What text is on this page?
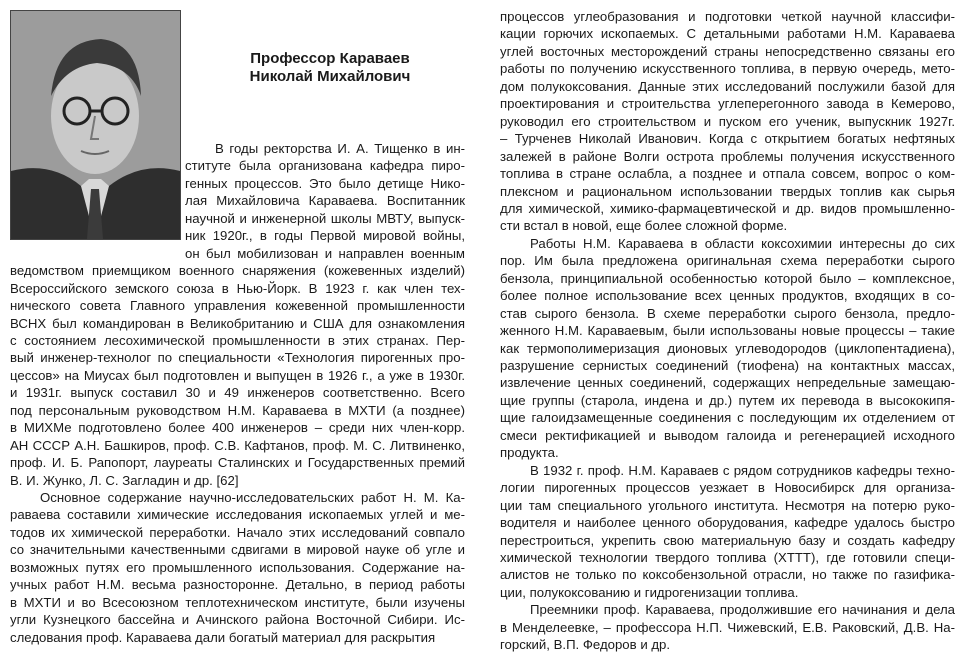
Профессор Караваев
Николай Михайлович
В годы ректорства И. А. Тищенко в ин-
ституте была организована кафедра пиро-
генных процессов. Это было детище Нико-
лая Михайловича Караваева. Воспитанник
научной и инженерной школы МВТУ, выпуск-
ник 1920г., в годы Первой мировой войны,
он был мобилизован и направлен военным
ведомством приемщиком военного снаряжения (кожевенных изделий)
Всероссийского земского союза в Нью-Йорк. В 1923 г. как член тех-
нического совета Главного управления кожевенной промышленности
ВСНХ был командирован в Великобританию и США для ознакомления
с состоянием лесохимической промышленности в этих странах. Пер-
вый инженер-технолог по специальности «Технология пирогенных про-
цессов» на Миусах был подготовлен и выпущен в 1926 г., а уже в 1930г.
и 1931г. выпуск составил 30 и 49 инженеров соответственно. Всего
под персональным руководством Н.М. Караваева в МХТИ (а позднее)
в МИХМе подготовлено более 400 инженеров – среди них член-корр.
АН СССР А.Н. Башкиров, проф. С.В. Кафтанов, проф. М. С. Литвиненко,
проф. И. Б. Рапопорт, лауреаты Сталинских и Государственных премий
В. И. Жунко, Л. С. Загладин и др. [62]
Основное содержание научно-исследовательских работ Н. М. Ка-
раваева составили химические исследования ископаемых углей и ме-
тодов их химической переработки. Начало этих исследований совпало
со значительными качественными сдвигами в мировой науке об угле и
возможных путях его промышленного использования. Содержание на-
учных работ Н.М. весьма разносторонне. Детально, в период работы
в МХТИ и во Всесоюзном теплотехническом институте, были изучены
угли Кузнецкого бассейна и Ачинского района Восточной Сибири. Ис-
следования проф. Караваева дали богатый материал для раскрытия
процессов углеобразования и подготовки четкой научной классифи-
кации горючих ископаемых. С детальными работами Н.М. Караваева
углей восточных месторождений страны непосредственно связаны его
работы по получению искусственного топлива, в первую очередь, мето-
дом полукоксования. Данные этих исследований послужили базой для
проектирования и строительства углеперегонного завода в Кемерово,
руководил его строительством и пуском его ученик, выпускник 1927г.
– Турченев Николай Иванович. Когда с открытием богатых нефтяных
залежей в районе Волги острота проблемы получения искусственного
топлива в стране ослабла, а позднее и отпала совсем, вопрос о ком-
плексном и рациональном использовании твердых топлив как сырья
для химической, химико-фармацевтической и др. видов промышленно-
сти встал в новой, еще более сложной форме.
Работы Н.М. Караваева в области коксохимии интересны до сих
пор. Им была предложена оригинальная схема переработки сырого
бензола, принципиальной особенностью которой было – комплексное,
более полное использование всех ценных продуктов, входящих в со-
став сырого бензола. В схеме переработки сырого бензола, предло-
женного Н.М. Караваевым, были использованы новые процессы – такие
как термополимеризация дионовых углеводородов (циклопентадиена),
разрушение сернистых соединений (тиофена) на контактных массах,
извлечение ценных соединений, содержащих непредельные замещаю-
щие группы (старола, индена и др.) путем их перевода в высококипя-
щие галоидзамещенные соединения с последующим их отделением от
смеси ректификацией и выводом галоида и регенерацией исходного
продукта.
В 1932 г. проф. Н.М. Караваев с рядом сотрудников кафедры техно-
логии пирогенных процессов уезжает в Новосибирск для организа-
ции там специального угольного института. Несмотря на потерю руко-
водителя и наиболее ценного оборудования, кафедре удалось быстро
перестроиться, укрепить свою материальную базу и создать кафедру
химической технологии твердого топлива (ХТТТ), где готовили специ-
алистов не только по коксобензольной отрасли, но также по газифика-
ции, полукоксованию и гидрогенизации топлива.
Преемники проф. Караваева, продолжившие его начинания и дела
в Менделеевке, – профессора Н.П. Чижевский, Е.В. Раковский, Д.В. На-
горский, В.П. Федоров и др.
